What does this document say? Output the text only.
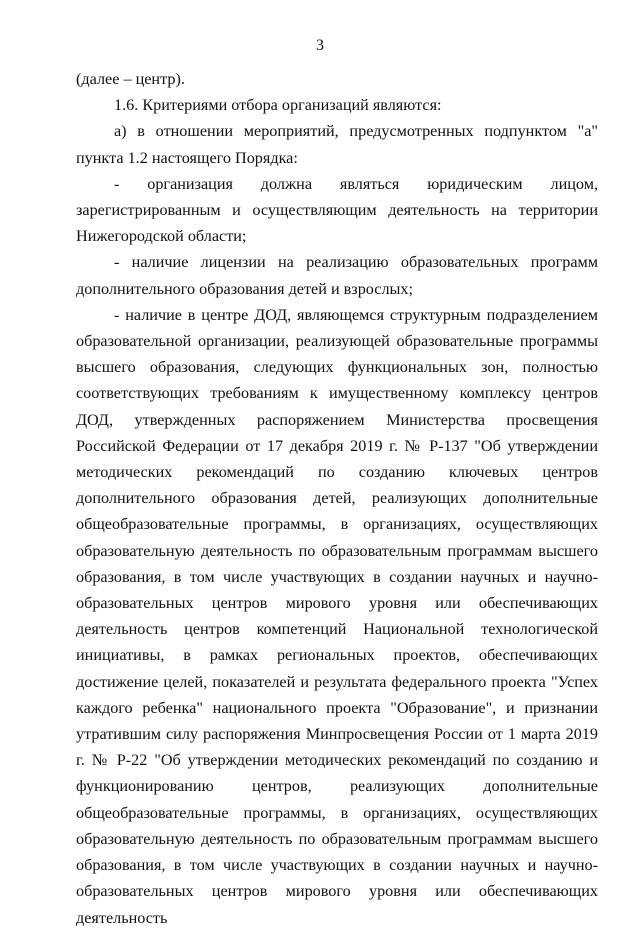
3

(далее – центр).

1.6. Критериями отбора организаций являются:

а) в отношении мероприятий, предусмотренных подпунктом "а" пункта 1.2 настоящего Порядка:

- организация должна являться юридическим лицом, зарегистрированным и осуществляющим деятельность на территории Нижегородской области;

- наличие лицензии на реализацию образовательных программ дополнительного образования детей и взрослых;

- наличие в центре ДОД, являющемся структурным подразделением образовательной организации, реализующей образовательные программы высшего образования, следующих функциональных зон, полностью соответствующих требованиям к имущественному комплексу центров ДОД, утвержденных распоряжением Министерства просвещения Российской Федерации от 17 декабря 2019 г. № Р-137 "Об утверждении методических рекомендаций по созданию ключевых центров дополнительного образования детей, реализующих дополнительные общеобразовательные программы, в организациях, осуществляющих образовательную деятельность по образовательным программам высшего образования, в том числе участвующих в создании научных и научно-образовательных центров мирового уровня или обеспечивающих деятельность центров компетенций Национальной технологической инициативы, в рамках региональных проектов, обеспечивающих достижение целей, показателей и результата федерального проекта "Успех каждого ребенка" национального проекта "Образование", и признании утратившим силу распоряжения Минпросвещения России от 1 марта 2019 г. № Р-22 "Об утверждении методических рекомендаций по созданию и функционированию центров, реализующих дополнительные общеобразовательные программы, в организациях, осуществляющих образовательную деятельность по образовательным программам высшего образования, в том числе участвующих в создании научных и научно-образовательных центров мирового уровня или обеспечивающих деятельность
